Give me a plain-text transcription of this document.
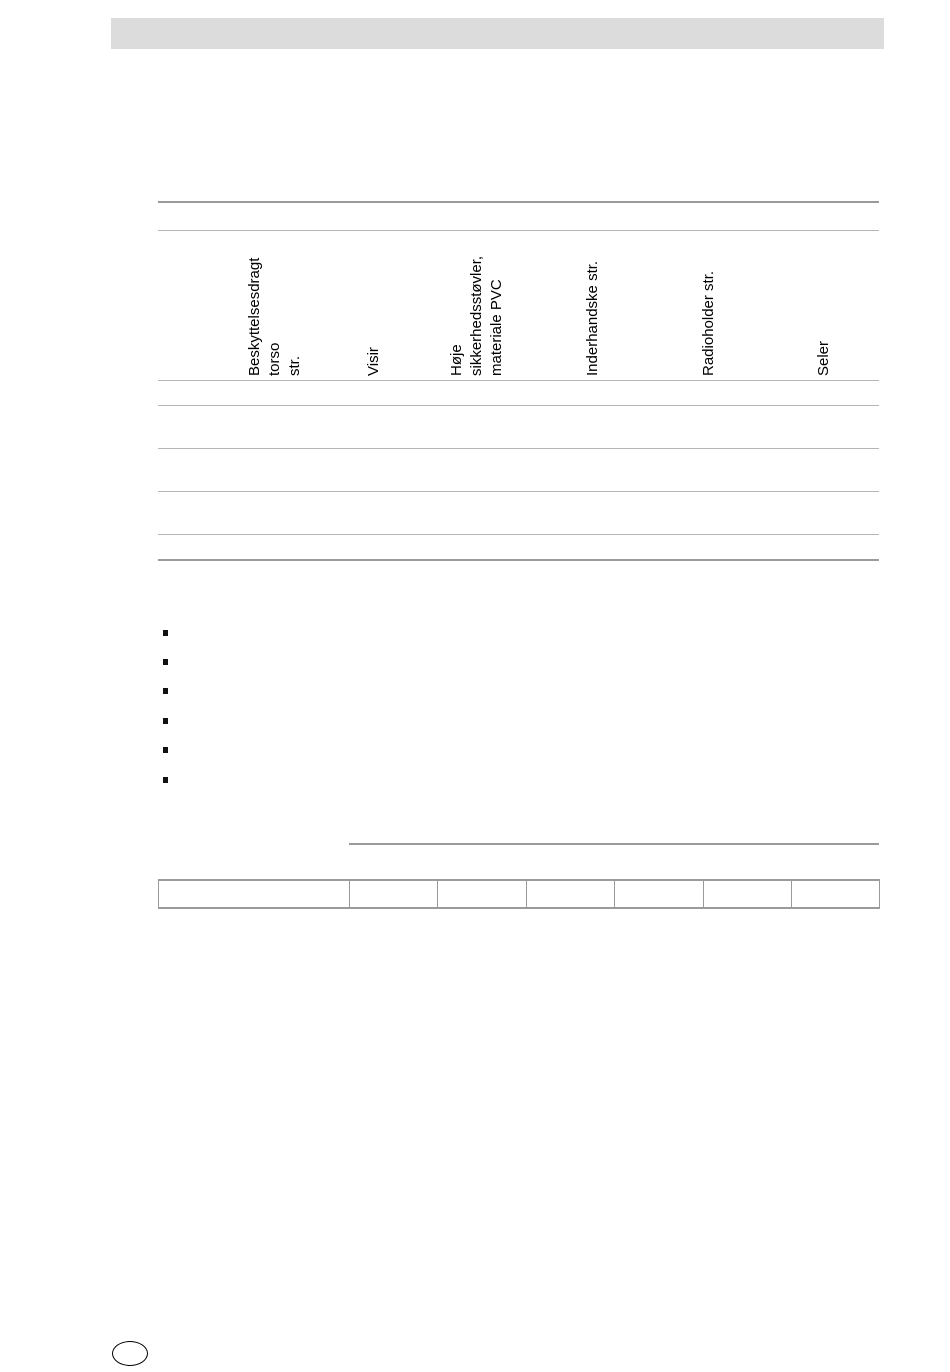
Beskyttelsesdragt
torso
str.	Visir	Høje
sikkerhedsstøvler,
materiale PVC	Inderhandske str.	Radioholder str.	Seler
